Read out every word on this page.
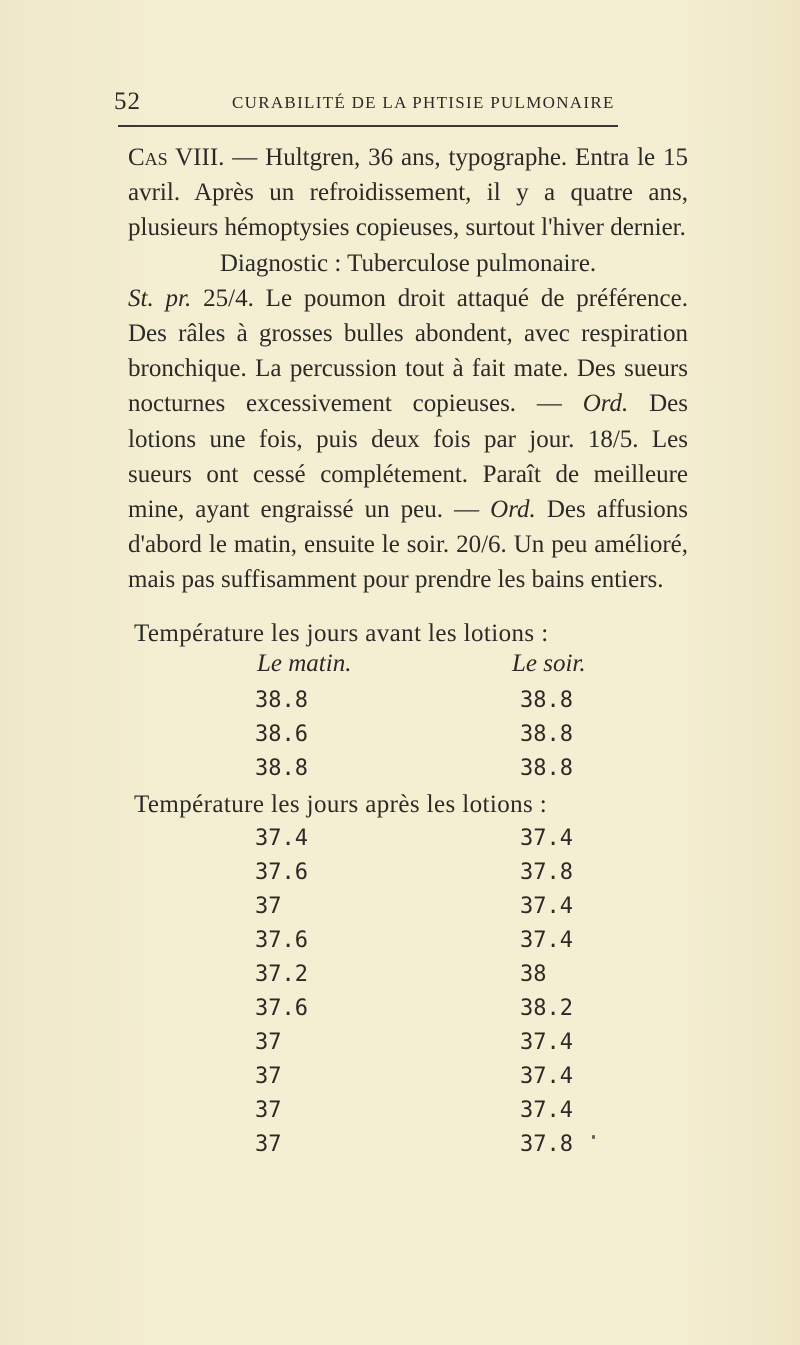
52	CURABILITÉ DE LA PHTISIE PULMONAIRE

Cas VIII. — Hultgren, 36 ans, typographe. Entra le 15 avril. Après un refroidissement, il y a quatre ans, plusieurs hémoptysies copieuses, surtout l'hiver dernier.

Diagnostic : Tuberculose pulmonaire.

St. pr. 25/4. Le poumon droit attaqué de préférence. Des râles à grosses bulles abondent, avec respiration bronchique. La percussion tout à fait mate. Des sueurs nocturnes excessivement copieuses. — Ord. Des lotions une fois, puis deux fois par jour. 18/5. Les sueurs ont cessé complétement. Paraît de meilleure mine, ayant engraissé un peu. — Ord. Des affusions d'abord le matin, ensuite le soir. 20/6. Un peu amélioré, mais pas suffisamment pour prendre les bains entiers.

Température les jours avant les lotions :
Le matin.	Le soir.
38.8	38.8
38.6	38.8
38.8	38.8
Température les jours après les lotions :
37.4	37.4
37.6	37.8
37	37.4
37.6	37.4
37.2	38
37.6	38.2
37	37.4
37	37.4
37	37.4
37	37.8
